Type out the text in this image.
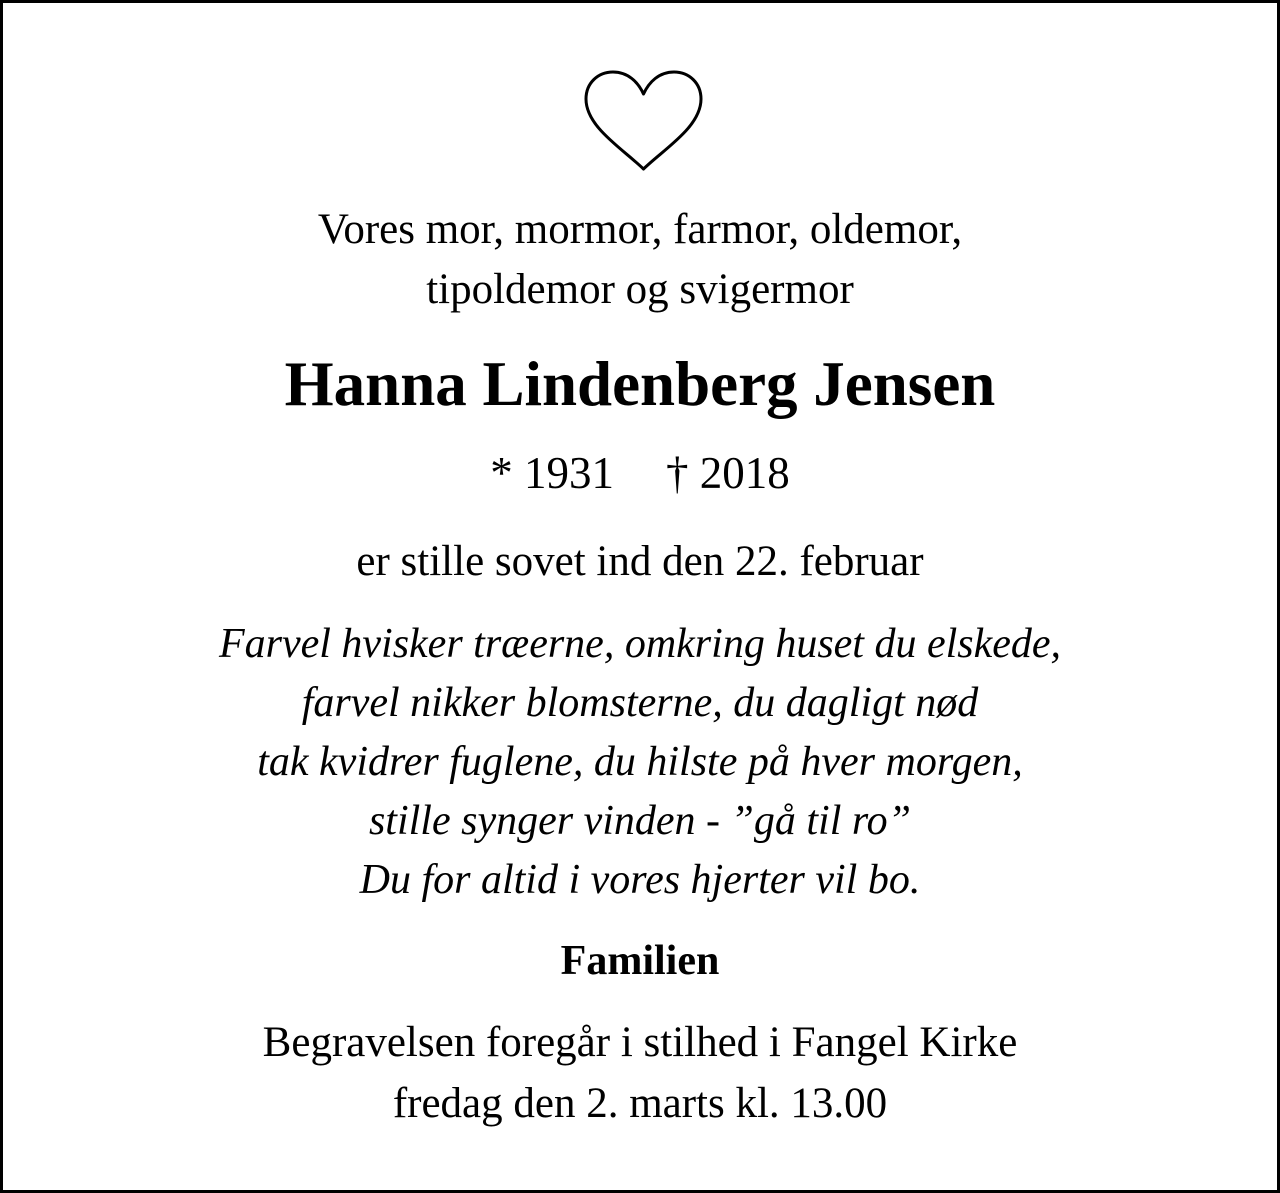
Vores mor, mormor, farmor, oldemor,
tipoldemor og svigermor
Hanna Lindenberg Jensen
* 1931 † 2018
er stille sovet ind den 22. februar
Farvel hvisker træerne, omkring huset du elskede,
farvel nikker blomsterne, du dagligt nød
tak kvidrer fuglene, du hilste på hver morgen,
stille synger vinden - ”gå til ro”
Du for altid i vores hjerter vil bo.
Familien
Begravelsen foregår i stilhed i Fangel Kirke
fredag den 2. marts kl. 13.00
